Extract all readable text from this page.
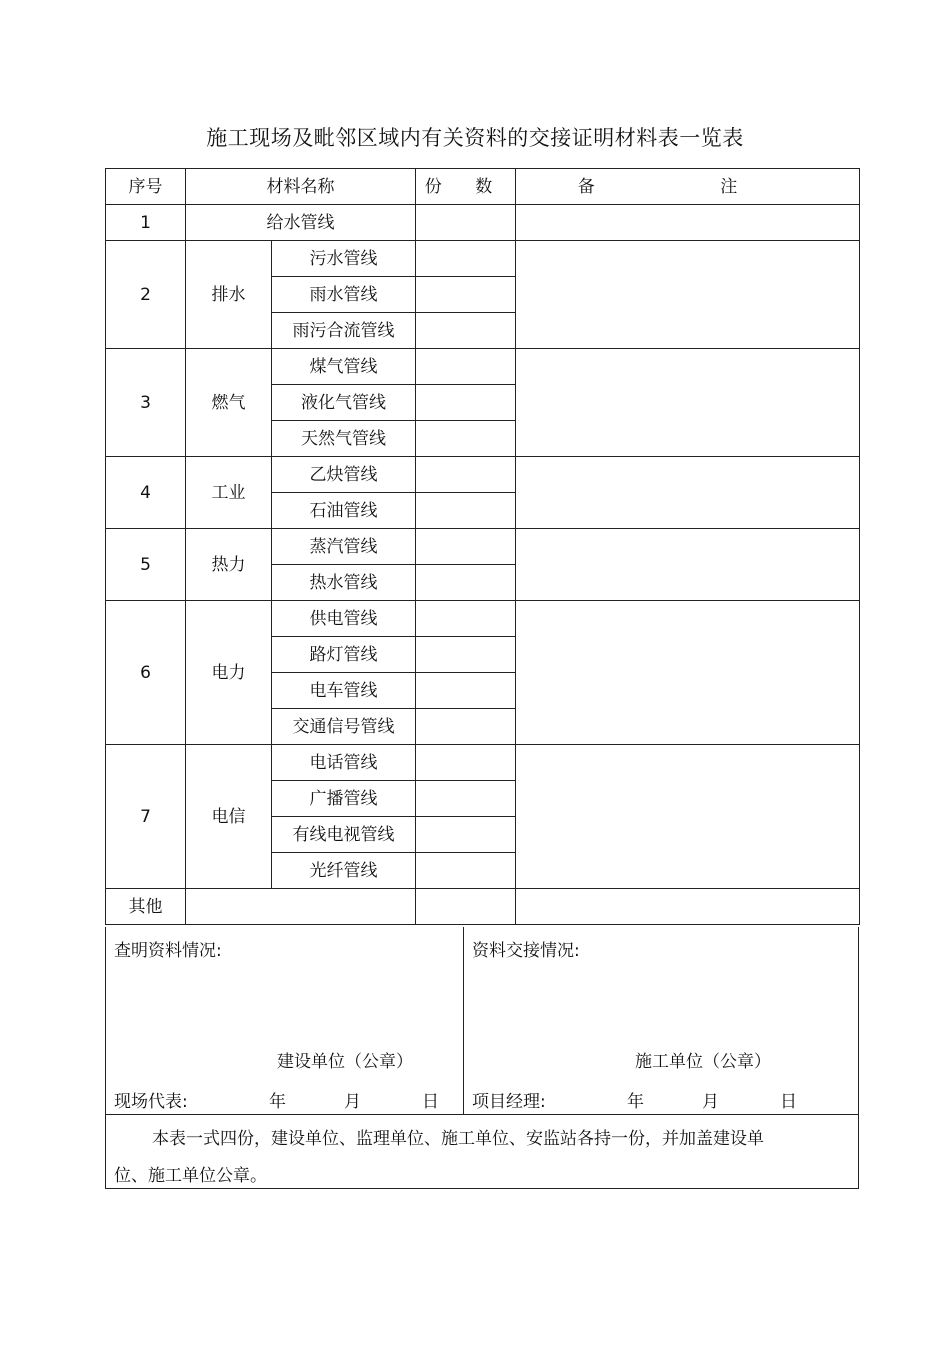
施工现场及毗邻区域内有关资料的交接证明材料表一览表
序号	材料名称		份 数	备 注
1	给水管线			
2	排水	污水管线		
		雨水管线		
		雨污合流管线		
3	燃气	煤气管线		
		液化气管线		
		天然气管线		
4	工业	乙炔管线		
		石油管线		
5	热力	蒸汽管线		
		热水管线		
6	电力	供电管线		
		路灯管线		
		电车管线		
		交通信号管线		
7	电信	电话管线		
		广播管线		
		有线电视管线		
		光纤管线		
其他				
查明资料情况:
建设单位（公章）
现场代表:	年	月	日
资料交接情况:
施工单位（公章）
项目经理:	年	月	日
本表一式四份，建设单位、监理单位、施工单位、安监站各持一份，并加盖建设单
位、施工单位公章。
